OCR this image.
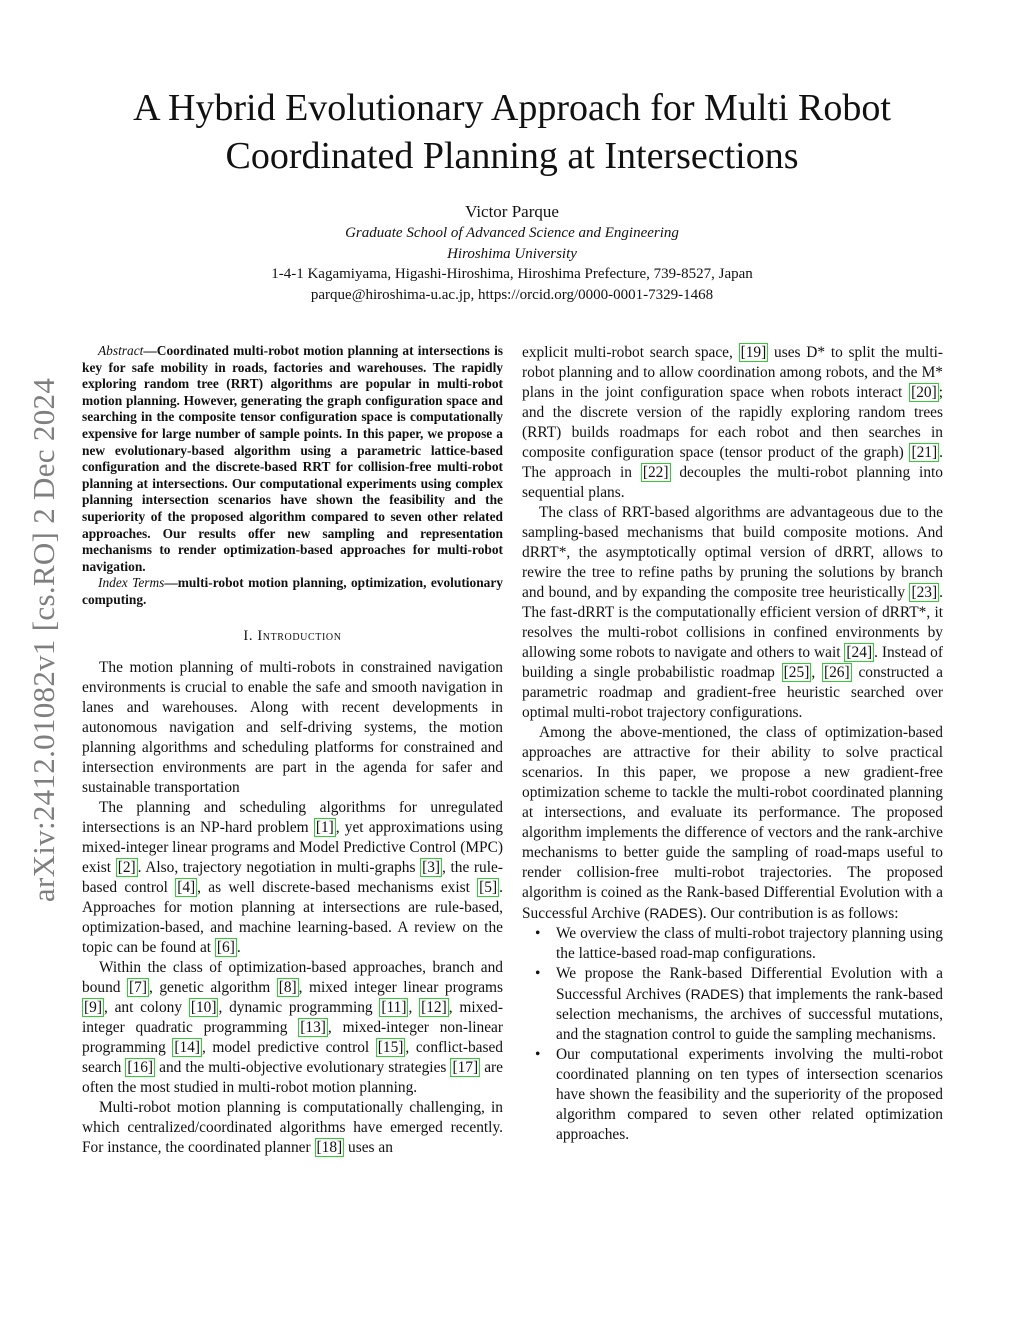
arXiv:2412.01082v1 [cs.RO] 2 Dec 2024
A Hybrid Evolutionary Approach for Multi Robot
Coordinated Planning at Intersections
Victor Parque
Graduate School of Advanced Science and Engineering
Hiroshima University
1-4-1 Kagamiyama, Higashi-Hiroshima, Hiroshima Prefecture, 739-8527, Japan
parque@hiroshima-u.ac.jp, https://orcid.org/0000-0001-7329-1468

Abstract—Coordinated multi-robot motion planning at intersections is key for safe mobility in roads, factories and warehouses. The rapidly exploring random tree (RRT) algorithms are popular in multi-robot motion planning. However, generating the graph configuration space and searching in the composite tensor configuration space is computationally expensive for large number of sample points. In this paper, we propose a new evolutionary-based algorithm using a parametric lattice-based configuration and the discrete-based RRT for collision-free multi-robot planning at intersections. Our computational experiments using complex planning intersection scenarios have shown the feasibility and the superiority of the proposed algorithm compared to seven other related approaches. Our results offer new sampling and representation mechanisms to render optimization-based approaches for multi-robot navigation.

Index Terms—multi-robot motion planning, optimization, evolutionary computing.

I. Introduction

The motion planning of multi-robots in constrained navigation environments is crucial to enable the safe and smooth navigation in lanes and warehouses. Along with recent developments in autonomous navigation and self-driving systems, the motion planning algorithms and scheduling platforms for constrained and intersection environments are part in the agenda for safer and sustainable transportation

The planning and scheduling algorithms for unregulated intersections is an NP-hard problem [1] , yet approximations using mixed-integer linear programs and Model Predictive Control (MPC) exist [2] . Also, trajectory negotiation in multi-graphs [3] , the rule-based control [4] , as well discrete-based mechanisms exist [5] . Approaches for motion planning at intersections are rule-based, optimization-based, and machine learning-based. A review on the topic can be found at [6] .

Within the class of optimization-based approaches, branch and bound [7] , genetic algorithm [8] , mixed integer linear programs [9] , ant colony [10] , dynamic programming [11] , [12] , mixed-integer quadratic programming [13] , mixed-integer non-linear programming [14] , model predictive control [15] , conflict-based search [16] and the multi-objective evolutionary strategies [17] are often the most studied in multi-robot motion planning.

Multi-robot motion planning is computationally challenging, in which centralized/coordinated algorithms have emerged recently. For instance, the coordinated planner [18] uses an

explicit multi-robot search space, [19] uses D* to split the multi-robot planning and to allow coordination among robots, and the M* plans in the joint configuration space when robots interact [20] ; and the discrete version of the rapidly exploring random trees (RRT) builds roadmaps for each robot and then searches in composite configuration space (tensor product of the graph) [21] . The approach in [22] decouples the multi-robot planning into sequential plans.

The class of RRT-based algorithms are advantageous due to the sampling-based mechanisms that build composite motions. And dRRT*, the asymptotically optimal version of dRRT, allows to rewire the tree to refine paths by pruning the solutions by branch and bound, and by expanding the composite tree heuristically [23] . The fast-dRRT is the computationally efficient version of dRRT*, it resolves the multi-robot collisions in confined environments by allowing some robots to navigate and others to wait [24] . Instead of building a single probabilistic roadmap [25] , [26] constructed a parametric roadmap and gradient-free heuristic searched over optimal multi-robot trajectory configurations.

Among the above-mentioned, the class of optimization-based approaches are attractive for their ability to solve practical scenarios. In this paper, we propose a new gradient-free optimization scheme to tackle the multi-robot coordinated planning at intersections, and evaluate its performance. The proposed algorithm implements the difference of vectors and the rank-archive mechanisms to better guide the sampling of road-maps useful to render collision-free multi-robot trajectories. The proposed algorithm is coined as the Rank-based Differential Evolution with a Successful Archive (RADES). Our contribution is as follows:

• We overview the class of multi-robot trajectory planning using the lattice-based road-map configurations.
• We propose the Rank-based Differential Evolution with a Successful Archives (RADES) that implements the rank-based selection mechanisms, the archives of successful mutations, and the stagnation control to guide the sampling mechanisms.
• Our computational experiments involving the multi-robot coordinated planning on ten types of intersection scenarios have shown the feasibility and the superiority of the proposed algorithm compared to seven other related optimization approaches.
